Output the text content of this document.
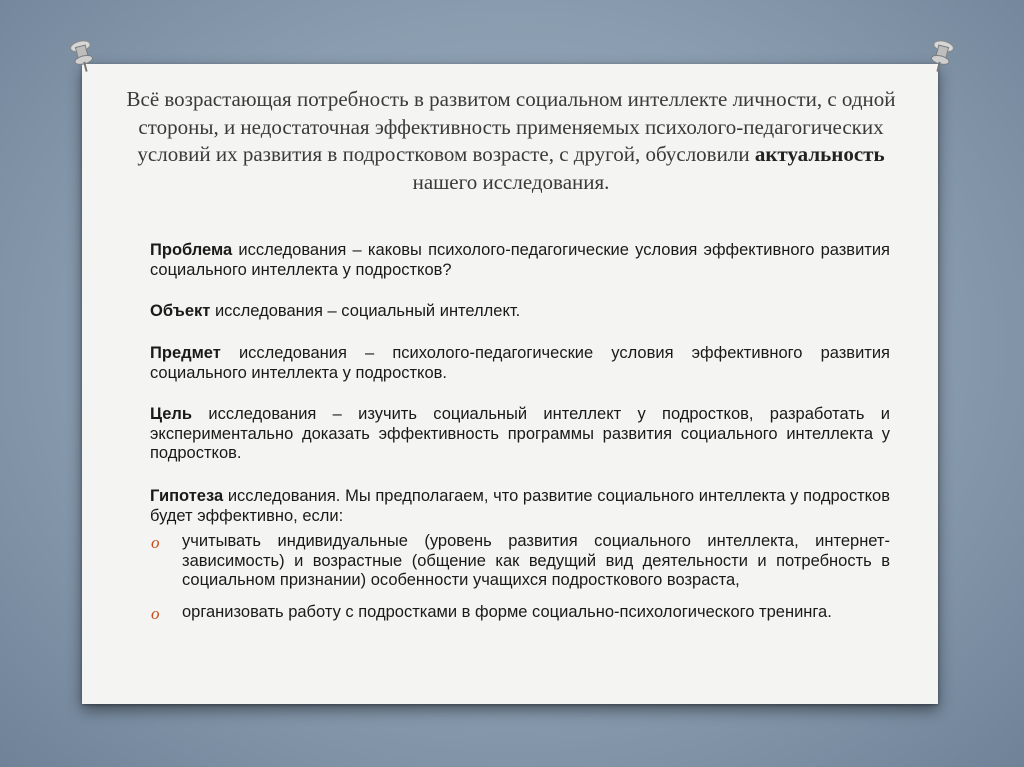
Всё возрастающая потребность в развитом социальном интеллекте личности, с одной стороны, и недостаточная эффективность применяемых психолого-педагогических условий их развития в подростковом возрасте, с другой, обусловили актуальность нашего исследования.

Проблема исследования – каковы психолого-педагогические условия эффективного развития социального интеллекта у подростков?

Объект исследования – социальный интеллект.

Предмет исследования – психолого-педагогические условия эффективного развития социального интеллекта у подростков.

Цель исследования – изучить социальный интеллект у подростков, разработать и экспериментально доказать эффективность программы развития социального интеллекта у подростков.

Гипотеза исследования. Мы предполагаем, что развитие социального интеллекта у подростков будет эффективно, если:

o учитывать индивидуальные (уровень развития социального интеллекта, интернет-зависимость) и возрастные (общение как ведущий вид деятельности и потребность в социальном признании) особенности учащихся подросткового возраста,
o организовать работу с подростками в форме социально-психологического тренинга.
